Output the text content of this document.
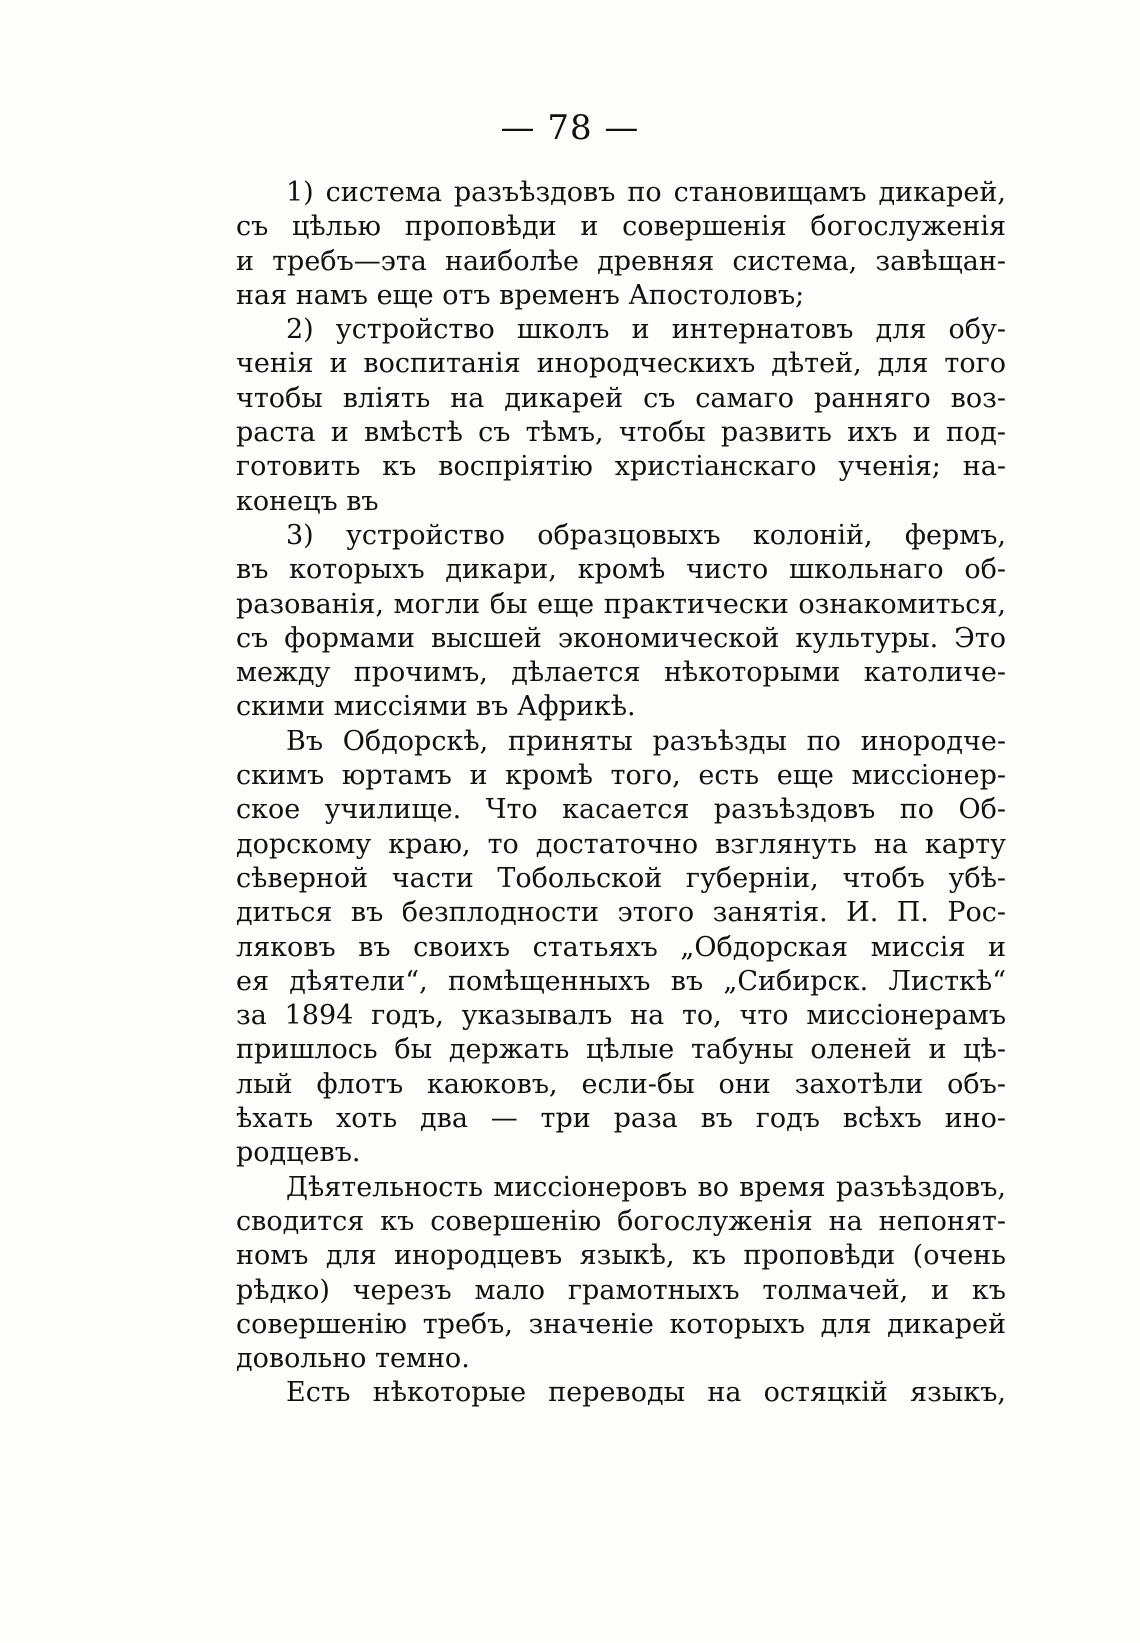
— 78 —
1) система разъѣздовъ по становищамъ дикарей,
съ цѣлью проповѣди и совершенія богослуженія
и требъ—эта наиболѣе древняя система, завѣщан-
ная намъ еще отъ временъ Апостоловъ;
2) устройство школъ и интернатовъ для обу-
ченія и воспитанія инородческихъ дѣтей, для того
чтобы вліять на дикарей съ самаго ранняго воз-
раста и вмѣстѣ съ тѣмъ, чтобы развить ихъ и под-
готовить къ воспріятію христіанскаго ученія; на-
конецъ въ
3) устройство образцовыхъ колоній, фермъ,
въ которыхъ дикари, кромѣ чисто школьнаго об-
разованія, могли бы еще практически ознакомиться,
съ формами высшей экономической культуры. Это
между прочимъ, дѣлается нѣкоторыми католиче-
скими миссіями въ Африкѣ.
Въ Обдорскѣ, приняты разъѣзды по инородче-
скимъ юртамъ и кромѣ того, есть еще миссіонер-
ское училище. Что касается разъѣздовъ по Об-
дорскому краю, то достаточно взглянуть на карту
сѣверной части Тобольской губерніи, чтобъ убѣ-
диться въ безплодности этого занятія. И. П. Рос-
ляковъ въ своихъ статьяхъ „Обдорская миссія и
ея дѣятели“, помѣщенныхъ въ „Сибирск. Листкѣ“
за 1894 годъ, указывалъ на то, что миссіонерамъ
пришлось бы держать цѣлые табуны оленей и цѣ-
лый флотъ каюковъ, если-бы они захотѣли объ-
ѣхать хоть два — три раза въ годъ всѣхъ ино-
родцевъ.
Дѣятельность миссіонеровъ во время разъѣздовъ,
сводится къ совершенію богослуженія на непонят-
номъ для инородцевъ языкѣ, къ проповѣди (очень
рѣдко) черезъ мало грамотныхъ толмачей, и къ
совершенію требъ, значеніе которыхъ для дикарей
довольно темно.
Есть нѣкоторые переводы на остяцкій языкъ,
